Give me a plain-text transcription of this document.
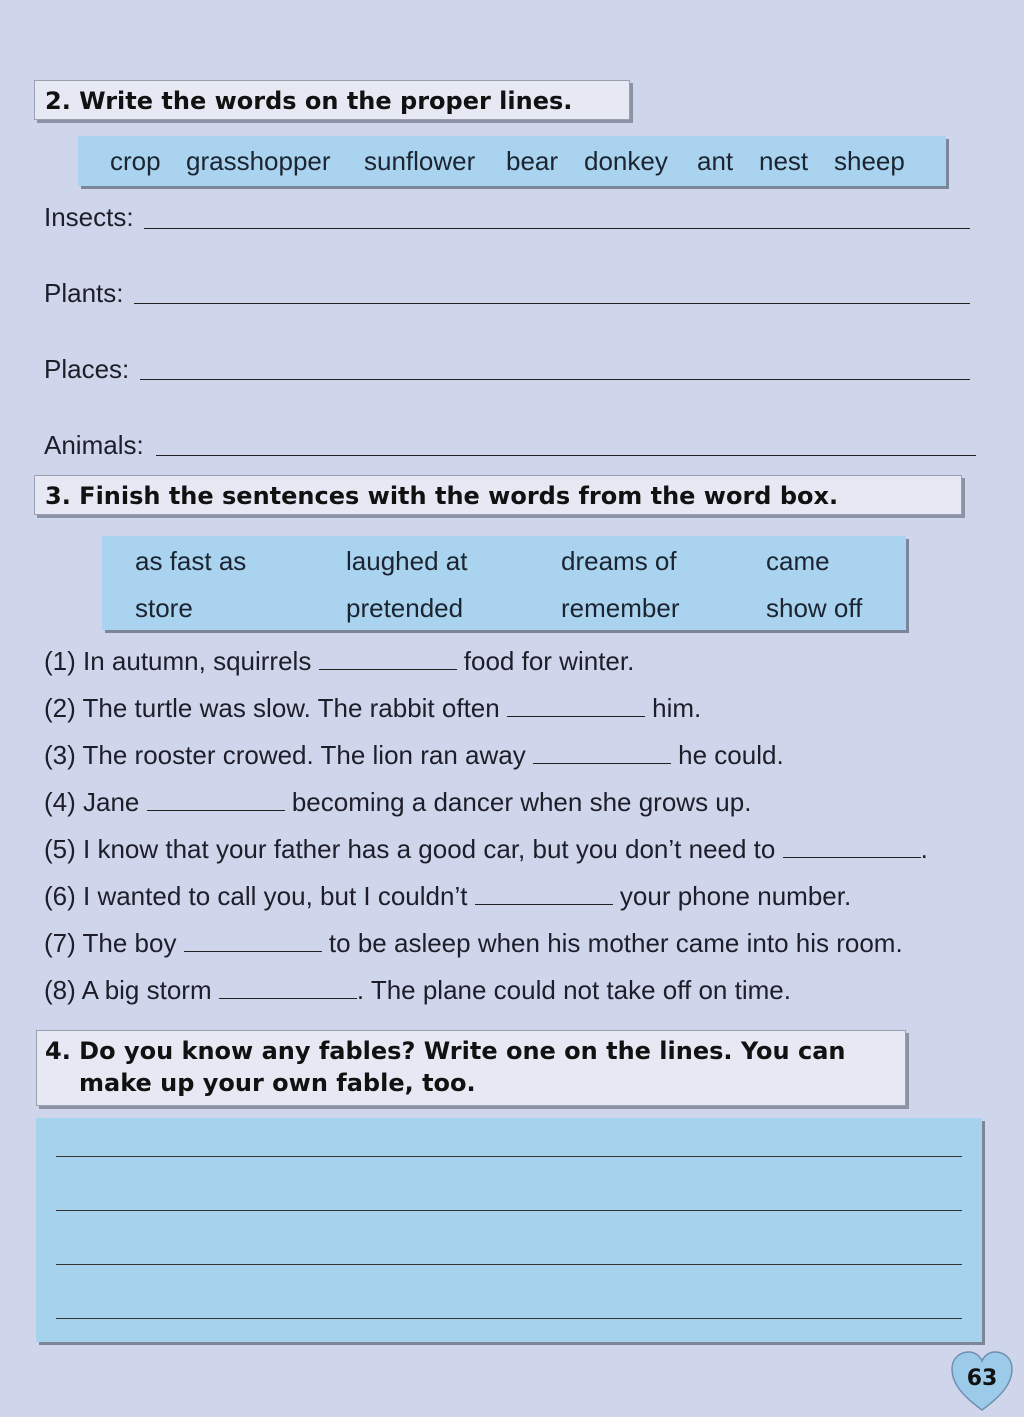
2. Write the words on the proper lines.
crop grasshopper sunflower bear donkey ant nest sheep
Insects:
Plants:
Places:
Animals:
3. Finish the sentences with the words from the word box.
as fast as	laughed at	dreams of	came
store	pretended	remember	show off
(1) In autumn, squirrels	food for winter.
(2) The turtle was slow. The rabbit often	him.
(3) The rooster crowed. The lion ran away	he could.
(4) Jane	becoming a dancer when she grows up.
(5) I know that your father has a good car, but you don’t need to	.
(6) I wanted to call you, but I couldn’t	your phone number.
(7) The boy	to be asleep when his mother came into his room.
(8) A big storm	. The plane could not take off on time.
4. Do you know any fables? Write one on the lines. You can
make up your own fable, too.
63
